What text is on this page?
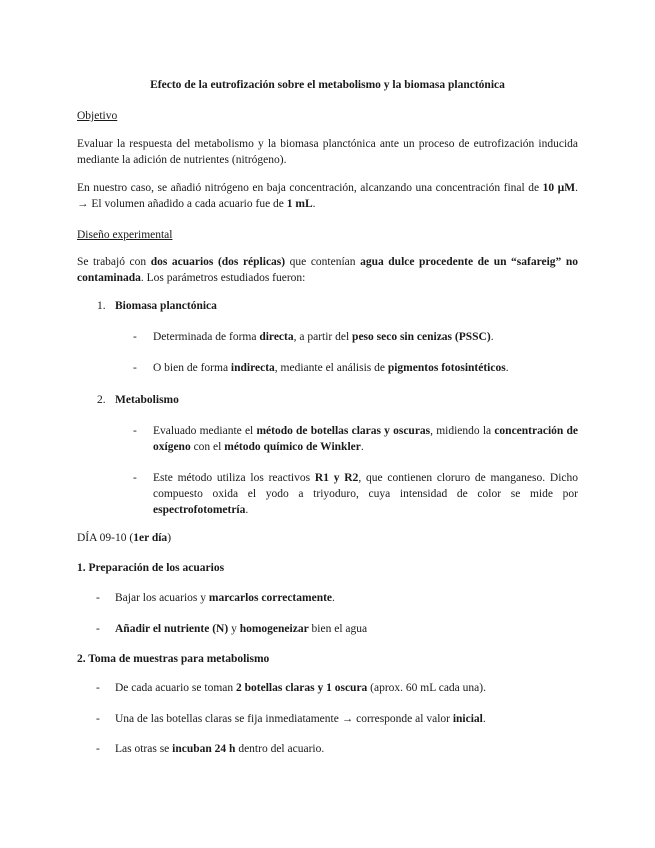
Efecto de la eutrofización sobre el metabolismo y la biomasa planctónica
Objetivo
Evaluar la respuesta del metabolismo y la biomasa planctónica ante un proceso de eutrofización inducida mediante la adición de nutrientes (nitrógeno).
En nuestro caso, se añadió nitrógeno en baja concentración, alcanzando una concentración final de 10 µM. → El volumen añadido a cada acuario fue de 1 mL.
Diseño experimental
Se trabajó con dos acuarios (dos réplicas) que contenían agua dulce procedente de un “safareig” no contaminada. Los parámetros estudiados fueron:
1. Biomasa planctónica
- Determinada de forma directa, a partir del peso seco sin cenizas (PSSC).
- O bien de forma indirecta, mediante el análisis de pigmentos fotosintéticos.
2. Metabolismo
- Evaluado mediante el método de botellas claras y oscuras, midiendo la concentración de oxígeno con el método químico de Winkler.
- Este método utiliza los reactivos R1 y R2, que contienen cloruro de manganeso. Dicho compuesto oxida el yodo a triyoduro, cuya intensidad de color se mide por espectrofotometría.
DÍA 09-10 (1er día)
1. Preparación de los acuarios
- Bajar los acuarios y marcarlos correctamente.
- Añadir el nutriente (N) y homogeneizar bien el agua
2. Toma de muestras para metabolismo
- De cada acuario se toman 2 botellas claras y 1 oscura (aprox. 60 mL cada una).
- Una de las botellas claras se fija inmediatamente → corresponde al valor inicial.
- Las otras se incuban 24 h dentro del acuario.
